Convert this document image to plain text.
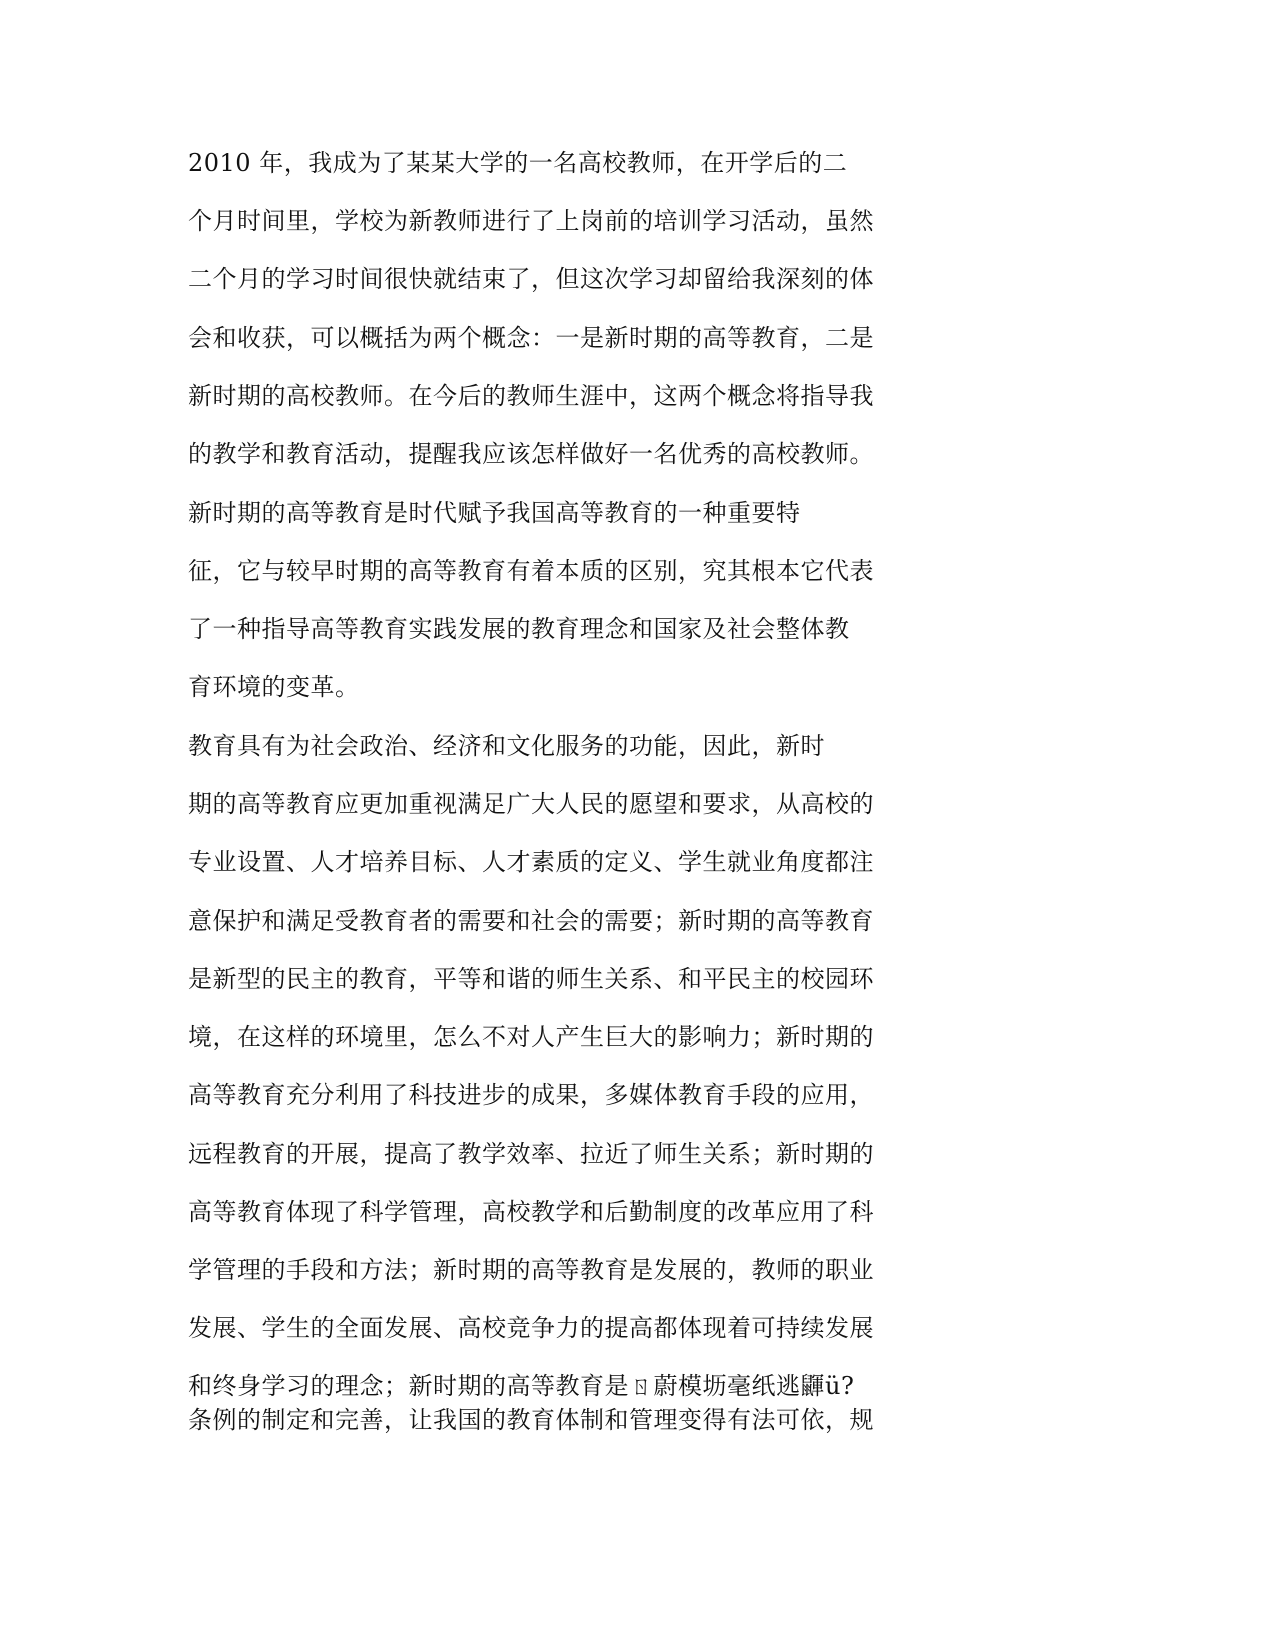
2010 年，我成为了某某大学的一名高校教师，在开学后的二
个月时间里，学校为新教师进行了上岗前的培训学习活动，虽然
二个月的学习时间很快就结束了，但这次学习却留给我深刻的体
会和收获，可以概括为两个概念：一是新时期的高等教育，二是
新时期的高校教师。在今后的教师生涯中，这两个概念将指导我
的教学和教育活动，提醒我应该怎样做好一名优秀的高校教师。
新时期的高等教育是时代赋予我国高等教育的一种重要特
征，它与较早时期的高等教育有着本质的区别，究其根本它代表
了一种指导高等教育实践发展的教育理念和国家及社会整体教
育环境的变革。
教育具有为社会政治、经济和文化服务的功能，因此，新时
期的高等教育应更加重视满足广大人民的愿望和要求，从高校的
专业设置、人才培养目标、人才素质的定义、学生就业角度都注
意保护和满足受教育者的需要和社会的需要；新时期的高等教育
是新型的民主的教育，平等和谐的师生关系、和平民主的校园环
境，在这样的环境里，怎么不对人产生巨大的影响力；新时期的
高等教育充分利用了科技进步的成果，多媒体教育手段的应用，
远程教育的开展，提高了教学效率、拉近了师生关系；新时期的
高等教育体现了科学管理，高校教学和后勤制度的改革应用了科
学管理的手段和方法；新时期的高等教育是发展的，教师的职业
发展、学生的全面发展、高校竞争力的提高都体现着可持续发展
和终身学习的理念；新时期的高等教育是ㄖ蔚模坜毫纸逃鼲ü?
条例的制定和完善，让我国的教育体制和管理变得有法可依，规
